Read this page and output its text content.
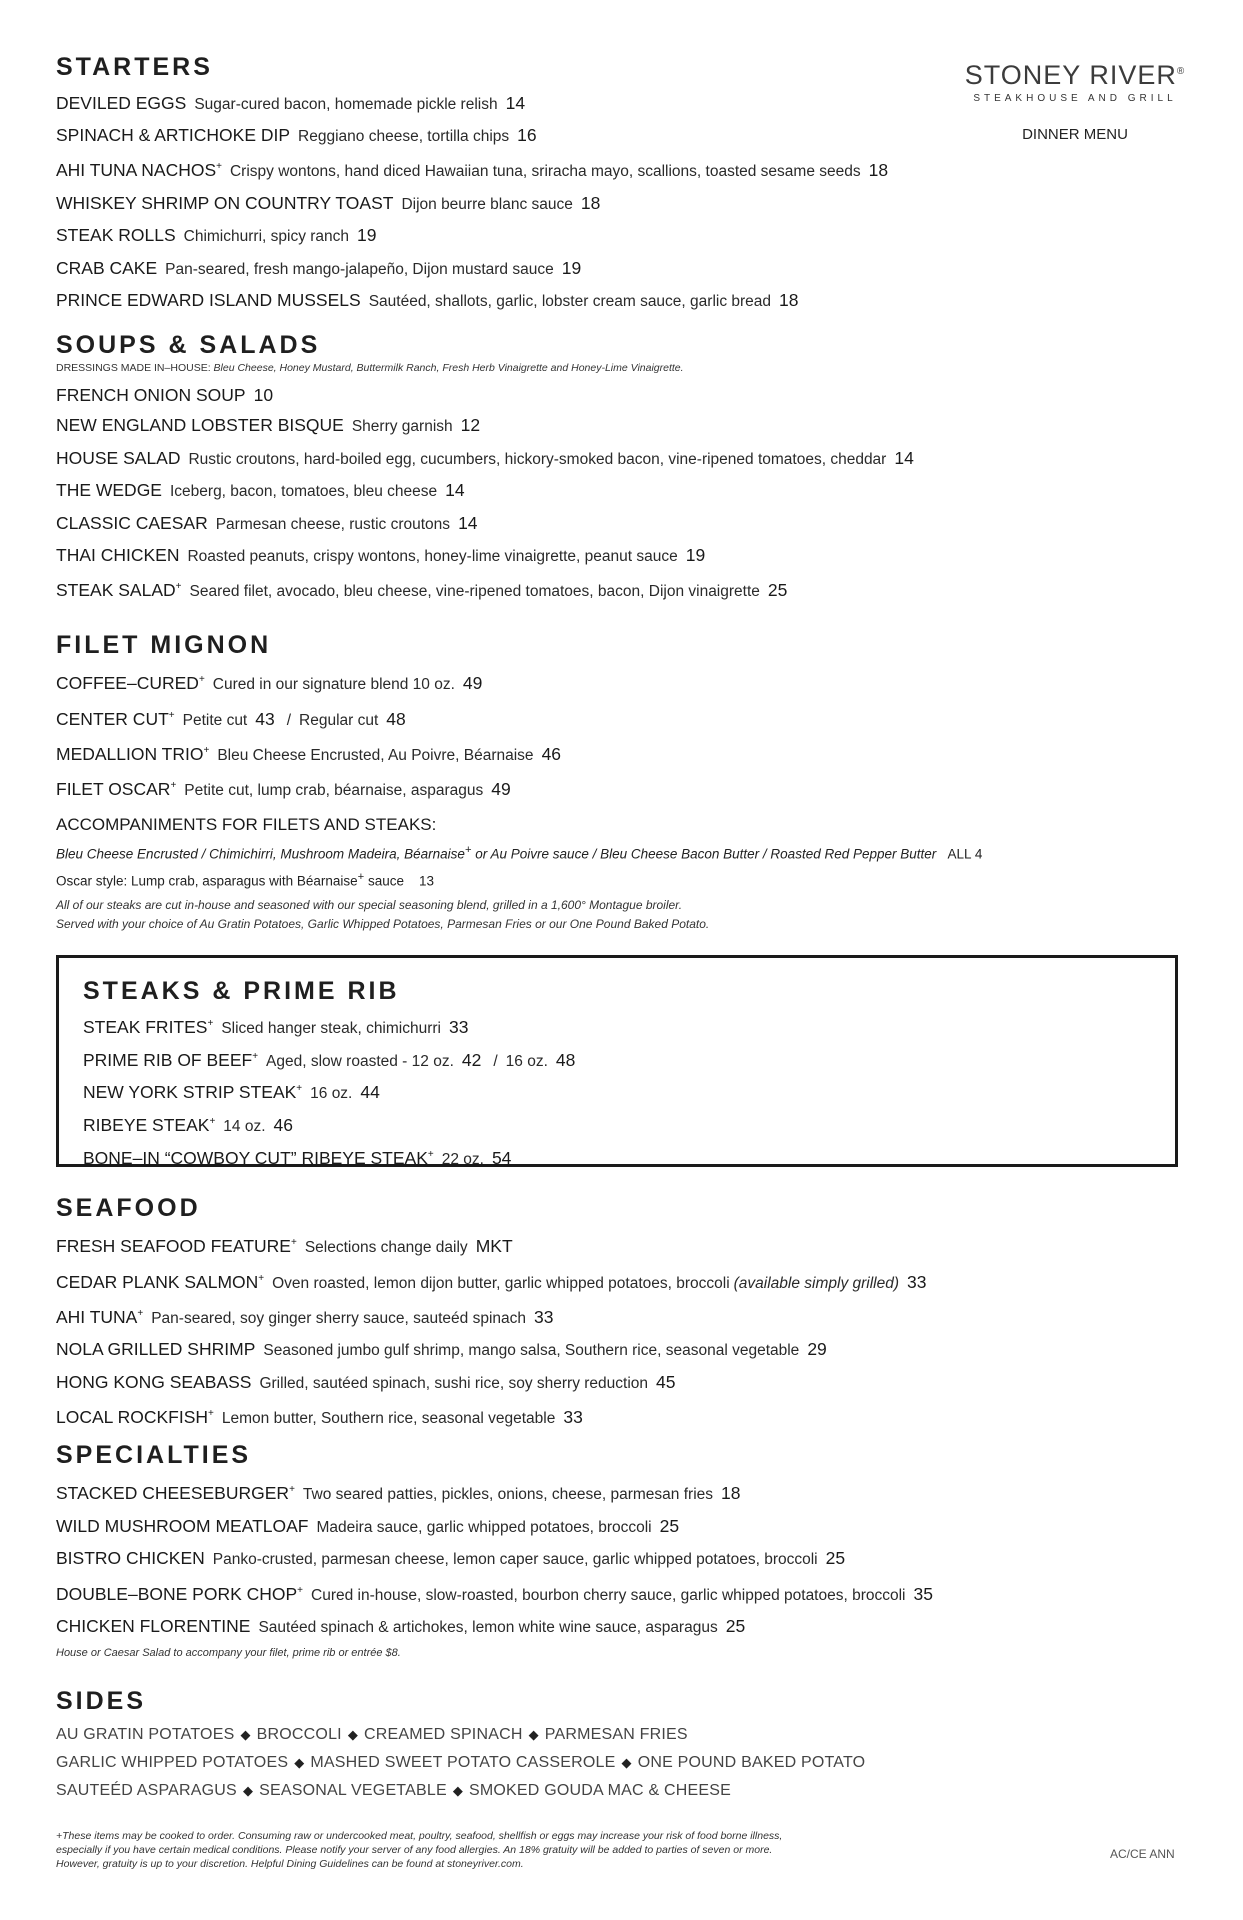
STONEY RIVER®
STEAKHOUSE AND GRILL
DINNER MENU
STARTERS
DEVILED EGGS Sugar-cured bacon, homemade pickle relish 14
SPINACH & ARTICHOKE DIP Reggiano cheese, tortilla chips 16
AHI TUNA NACHOS+ Crispy wontons, hand diced Hawaiian tuna, sriracha mayo, scallions, toasted sesame seeds 18
WHISKEY SHRIMP ON COUNTRY TOAST Dijon beurre blanc sauce 18
STEAK ROLLS Chimichurri, spicy ranch 19
CRAB CAKE Pan-seared, fresh mango-jalapeño, Dijon mustard sauce 19
PRINCE EDWARD ISLAND MUSSELS Sautéed, shallots, garlic, lobster cream sauce, garlic bread 18
SOUPS & SALADS
DRESSINGS MADE IN–HOUSE: Bleu Cheese, Honey Mustard, Buttermilk Ranch, Fresh Herb Vinaigrette and Honey-Lime Vinaigrette.
FRENCH ONION SOUP 10
NEW ENGLAND LOBSTER BISQUE Sherry garnish 12
HOUSE SALAD Rustic croutons, hard-boiled egg, cucumbers, hickory-smoked bacon, vine-ripened tomatoes, cheddar 14
THE WEDGE Iceberg, bacon, tomatoes, bleu cheese 14
CLASSIC CAESAR Parmesan cheese, rustic croutons 14
THAI CHICKEN Roasted peanuts, crispy wontons, honey-lime vinaigrette, peanut sauce 19
STEAK SALAD+ Seared filet, avocado, bleu cheese, vine-ripened tomatoes, bacon, Dijon vinaigrette 25
FILET MIGNON
COFFEE–CURED+ Cured in our signature blend 10 oz. 49
CENTER CUT+ Petite cut 43 / Regular cut 48
MEDALLION TRIO+ Bleu Cheese Encrusted, Au Poivre, Béarnaise 46
FILET OSCAR+ Petite cut, lump crab, béarnaise, asparagus 49
ACCOMPANIMENTS FOR FILETS AND STEAKS:
Bleu Cheese Encrusted / Chimichirri, Mushroom Madeira, Béarnaise+ or Au Poivre sauce / Bleu Cheese Bacon Butter / Roasted Red Pepper Butter ALL 4
Oscar style: Lump crab, asparagus with Béarnaise+ sauce 13
All of our steaks are cut in-house and seasoned with our special seasoning blend, grilled in a 1,600° Montague broiler.
Served with your choice of Au Gratin Potatoes, Garlic Whipped Potatoes, Parmesan Fries or our One Pound Baked Potato.
STEAKS & PRIME RIB
STEAK FRITES+ Sliced hanger steak, chimichurri 33
PRIME RIB OF BEEF+ Aged, slow roasted - 12 oz. 42 / 16 oz. 48
NEW YORK STRIP STEAK+ 16 oz. 44
RIBEYE STEAK+ 14 oz. 46
BONE–IN “COWBOY CUT” RIBEYE STEAK+ 22 oz. 54
SEAFOOD
FRESH SEAFOOD FEATURE+ Selections change daily MKT
CEDAR PLANK SALMON+ Oven roasted, lemon dijon butter, garlic whipped potatoes, broccoli (available simply grilled) 33
AHI TUNA+ Pan-seared, soy ginger sherry sauce, sauteéd spinach 33
NOLA GRILLED SHRIMP Seasoned jumbo gulf shrimp, mango salsa, Southern rice, seasonal vegetable 29
HONG KONG SEABASS Grilled, sautéed spinach, sushi rice, soy sherry reduction 45
LOCAL ROCKFISH+ Lemon butter, Southern rice, seasonal vegetable 33
SPECIALTIES
STACKED CHEESEBURGER+ Two seared patties, pickles, onions, cheese, parmesan fries 18
WILD MUSHROOM MEATLOAF Madeira sauce, garlic whipped potatoes, broccoli 25
BISTRO CHICKEN Panko-crusted, parmesan cheese, lemon caper sauce, garlic whipped potatoes, broccoli 25
DOUBLE–BONE PORK CHOP+ Cured in-house, slow-roasted, bourbon cherry sauce, garlic whipped potatoes, broccoli 35
CHICKEN FLORENTINE Sautéed spinach & artichokes, lemon white wine sauce, asparagus 25
House or Caesar Salad to accompany your filet, prime rib or entrée $8.
SIDES
AU GRATIN POTATOES ◆ BROCCOLI ◆ CREAMED SPINACH ◆ PARMESAN FRIES
GARLIC WHIPPED POTATOES ◆ MASHED SWEET POTATO CASSEROLE ◆ ONE POUND BAKED POTATO
SAUTEÉD ASPARAGUS ◆ SEASONAL VEGETABLE ◆ SMOKED GOUDA MAC & CHEESE
+These items may be cooked to order. Consuming raw or undercooked meat, poultry, seafood, shellfish or eggs may increase your risk of food borne illness,
especially if you have certain medical conditions. Please notify your server of any food allergies. An 18% gratuity will be added to parties of seven or more.
However, gratuity is up to your discretion. Helpful Dining Guidelines can be found at stoneyriver.com.
AC/CE ANN
